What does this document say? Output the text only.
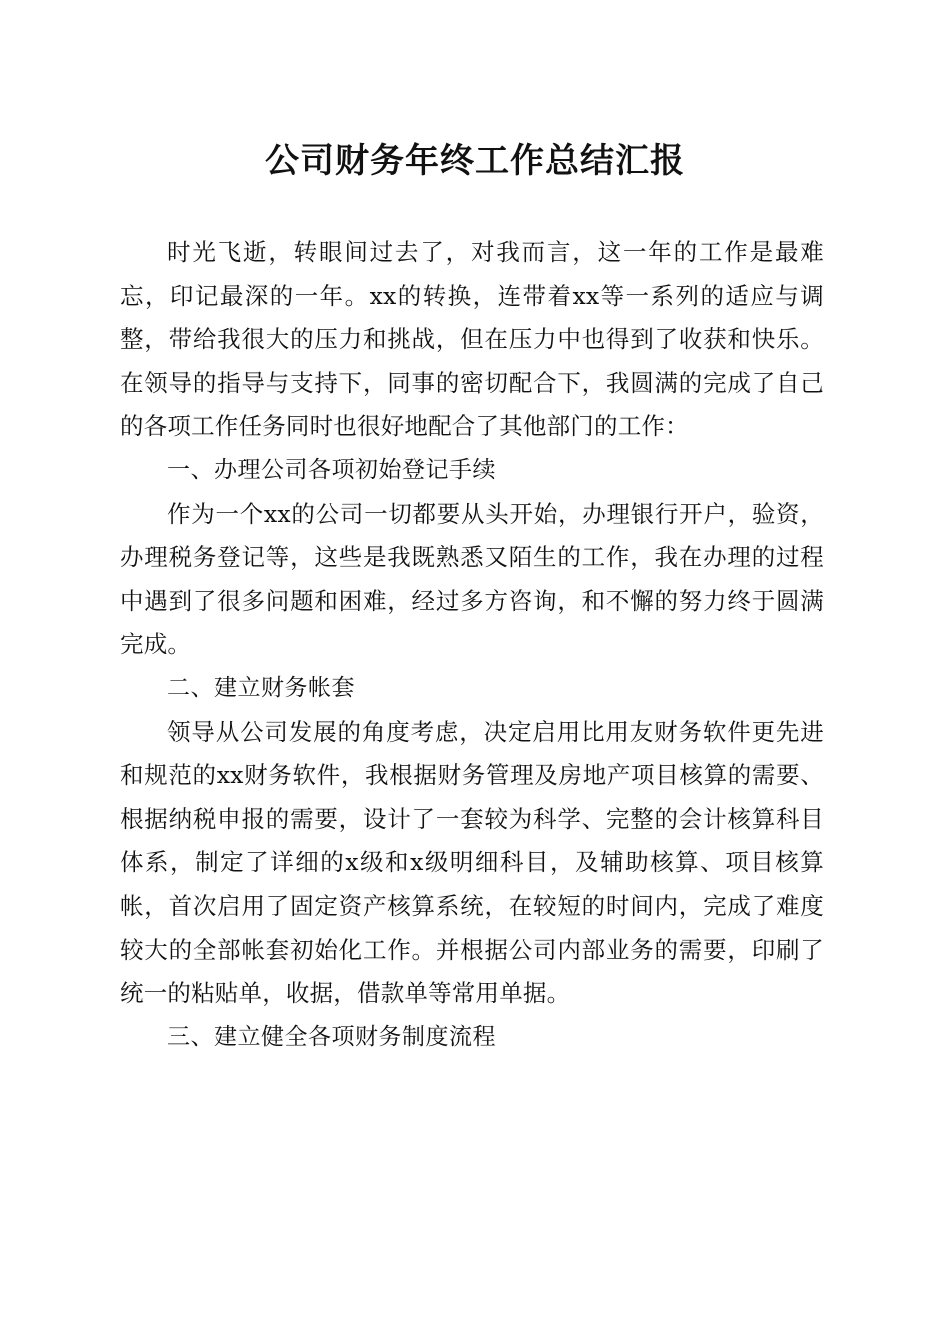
公司财务年终工作总结汇报

时光飞逝，转眼间过去了，对我而言，这一年的工作是最难忘，印记最深的一年。xx的转换，连带着xx等一系列的适应与调整，带给我很大的压力和挑战，但在压力中也得到了收获和快乐。在领导的指导与支持下，同事的密切配合下，我圆满的完成了自己的各项工作任务同时也很好地配合了其他部门的工作：

一、办理公司各项初始登记手续

作为一个xx的公司一切都要从头开始，办理银行开户，验资，办理税务登记等，这些是我既熟悉又陌生的工作，我在办理的过程中遇到了很多问题和困难，经过多方咨询，和不懈的努力终于圆满完成。

二、建立财务帐套

领导从公司发展的角度考虑，决定启用比用友财务软件更先进和规范的xx财务软件，我根据财务管理及房地产项目核算的需要、根据纳税申报的需要，设计了一套较为科学、完整的会计核算科目体系，制定了详细的x级和x级明细科目，及辅助核算、项目核算帐，首次启用了固定资产核算系统，在较短的时间内，完成了难度较大的全部帐套初始化工作。并根据公司内部业务的需要，印刷了统一的粘贴单，收据，借款单等常用单据。

三、建立健全各项财务制度流程
